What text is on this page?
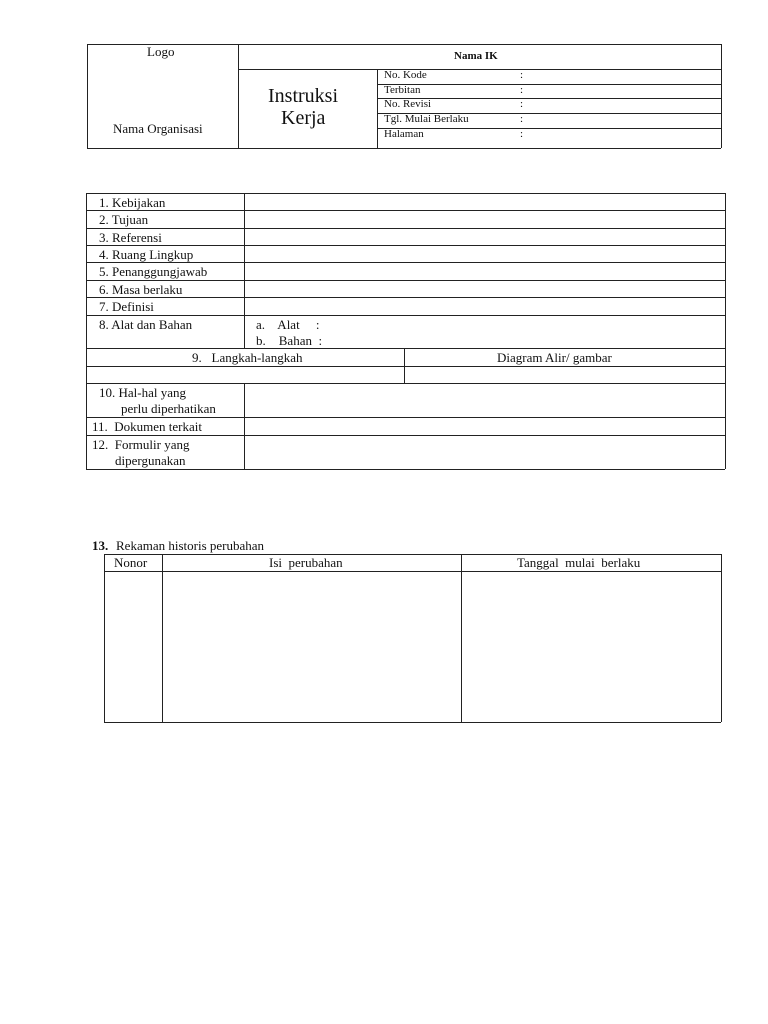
Logo
Nama Organisasi
Instruksi
Kerja
Nama IK
No. Kode	:
Terbitan	:
No. Revisi	:
Tgl. Mulai Berlaku	:
Halaman	:
1. Kebijakan
2. Tujuan
3. Referensi
4. Ruang Lingkup
5. Penanggungjawab
6. Masa berlaku
7. Definisi
8. Alat dan Bahan	a.    Alat     :
b.    Bahan  :
9.   Langkah-langkah	Diagram Alir/ gambar
10. Hal-hal yang
perlu diperhatikan
11.  Dokumen terkait
12.  Formulir yang
dipergunakan
13. Rekaman historis perubahan
Nonor	Isi  perubahan	Tanggal  mulai  berlaku
